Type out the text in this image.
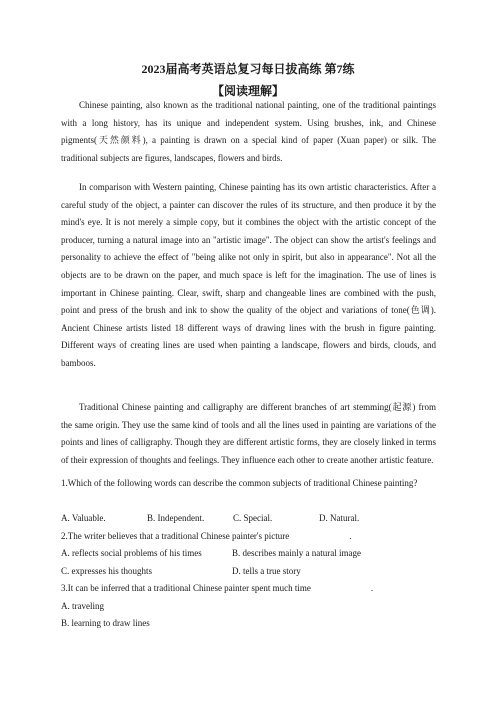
2023届高考英语总复习每日拔高练 第7练
【阅读理解】
Chinese painting, also known as the traditional national painting, one of the traditional paintings with a long history, has its unique and independent system. Using brushes, ink, and Chinese pigments(天然颜料), a painting is drawn on a special kind of paper (Xuan paper) or silk. The traditional subjects are figures, landscapes, flowers and birds.
In comparison with Western painting, Chinese painting has its own artistic characteristics. After a careful study of the object, a painter can discover the rules of its structure, and then produce it by the mind's eye. It is not merely a simple copy, but it combines the object with the artistic concept of the producer, turning a natural image into an "artistic image". The object can show the artist's feelings and personality to achieve the effect of "being alike not only in spirit, but also in appearance". Not all the objects are to be drawn on the paper, and much space is left for the imagination. The use of lines is important in Chinese painting. Clear, swift, sharp and changeable lines are combined with the push, point and press of the brush and ink to show the quality of the object and variations of tone(色调). Ancient Chinese artists listed 18 different ways of drawing lines with the brush in figure painting. Different ways of creating lines are used when painting a landscape, flowers and birds, clouds, and bamboos.
Traditional Chinese painting and calligraphy are different branches of art stemming(起源) from the same origin. They use the same kind of tools and all the lines used in painting are variations of the points and lines of calligraphy. Though they are different artistic forms, they are closely linked in terms of their expression of thoughts and feelings. They influence each other to create another artistic feature.
1.Which of the following words can describe the common subjects of traditional Chinese painting?
A. Valuable.	B. Independent.	C. Special.	D. Natural.
2.The writer believes that a traditional Chinese painter's picture	.
A. reflects social problems of his times	B. describes mainly a natural image
C. expresses his thoughts	D. tells a true story
3.It can be inferred that a traditional Chinese painter spent much time	.
A. traveling
B. learning to draw lines
